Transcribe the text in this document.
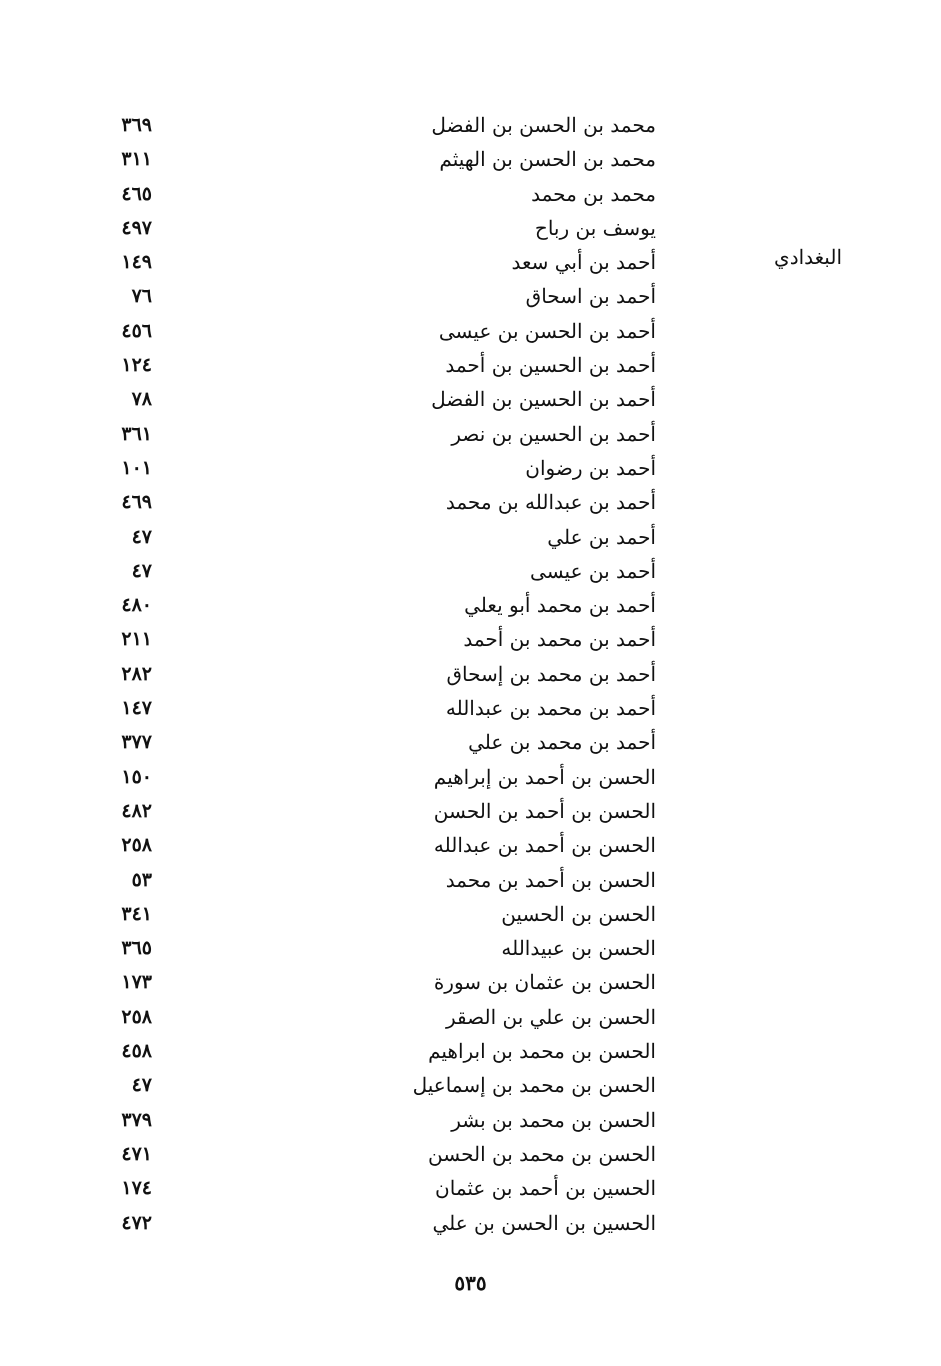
البغدادي
محمد بن الحسن بن الفضل
٣٦٩
محمد بن الحسن بن الهيثم
٣١١
محمد بن محمد
٤٦٥
يوسف بن رباح
٤٩٧
أحمد بن أبي سعد
١٤٩
أحمد بن اسحاق
٧٦
أحمد بن الحسن بن عيسى
٤٥٦
أحمد بن الحسين بن أحمد
١٢٤
أحمد بن الحسين بن الفضل
٧٨
أحمد بن الحسين بن نصر
٣٦١
أحمد بن رضوان
١٠١
أحمد بن عبدالله بن محمد
٤٦٩
أحمد بن علي
٤٧
أحمد بن عيسى
٤٧
أحمد بن محمد أبو يعلي
٤٨٠
أحمد بن محمد بن أحمد
٢١١
أحمد بن محمد بن إسحاق
٢٨٢
أحمد بن محمد بن عبدالله
١٤٧
أحمد بن محمد بن علي
٣٧٧
الحسن بن أحمد بن إبراهيم
١٥٠
الحسن بن أحمد بن الحسن
٤٨٢
الحسن بن أحمد بن عبدالله
٢٥٨
الحسن بن أحمد بن محمد
٥٣
الحسن بن الحسين
٣٤١
الحسن بن عبيدالله
٣٦٥
الحسن بن عثمان بن سورة
١٧٣
الحسن بن علي بن الصقر
٢٥٨
الحسن بن محمد بن ابراهيم
٤٥٨
الحسن بن محمد بن إسماعيل
٤٧
الحسن بن محمد بن بشر
٣٧٩
الحسن بن محمد بن الحسن
٤٧١
الحسين بن أحمد بن عثمان
١٧٤
الحسين بن الحسن بن علي
٤٧٢
٥٣٥
